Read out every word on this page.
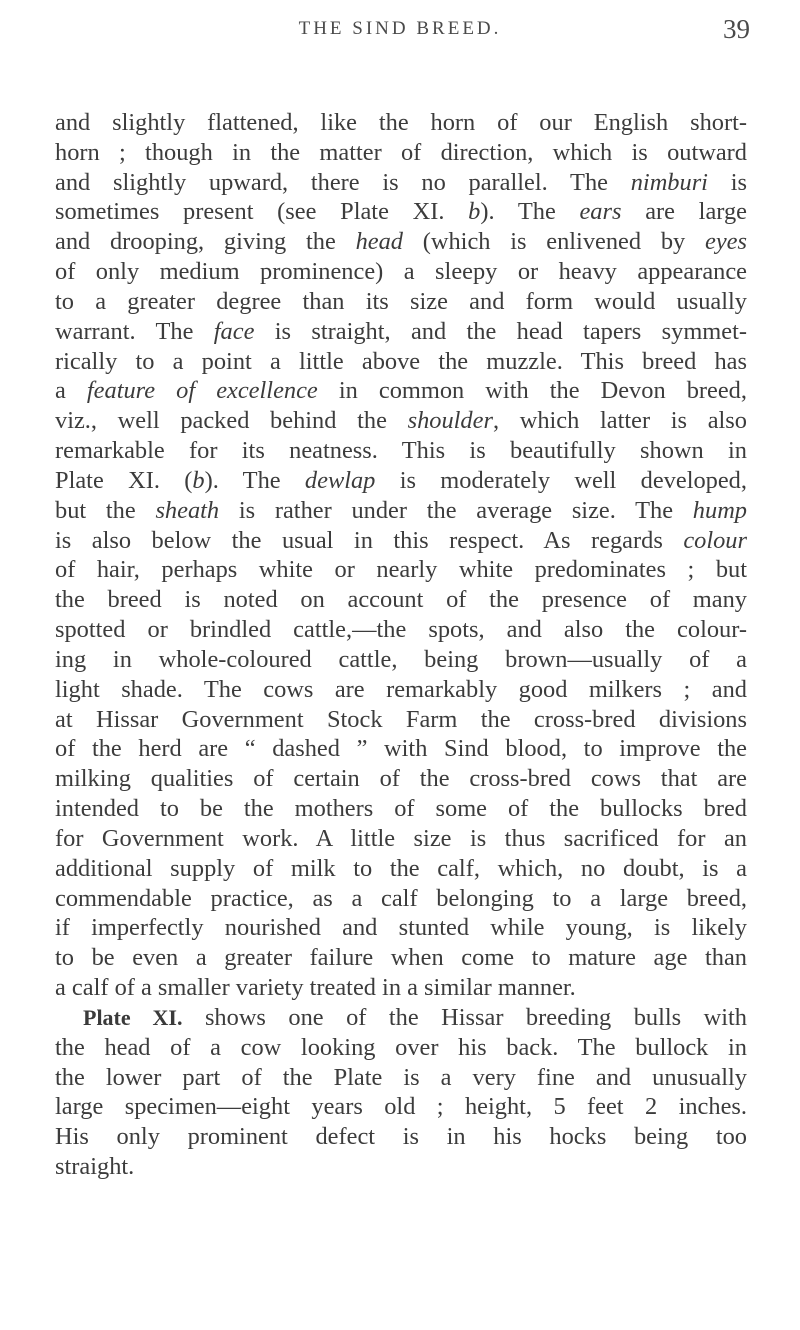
THE SIND BREED.	39
and slightly flattened, like the horn of our English short-
horn ; though in the matter of direction, which is outward
and slightly upward, there is no parallel. The nimburi is
sometimes present (see Plate XI. b). The ears are large
and drooping, giving the head (which is enlivened by eyes
of only medium prominence) a sleepy or heavy appearance
to a greater degree than its size and form would usually
warrant. The face is straight, and the head tapers symmet-
rically to a point a little above the muzzle. This breed has
a feature of excellence in common with the Devon breed,
viz., well packed behind the shoulder, which latter is also
remarkable for its neatness. This is beautifully shown in
Plate XI. (b). The dewlap is moderately well developed,
but the sheath is rather under the average size. The hump
is also below the usual in this respect. As regards colour
of hair, perhaps white or nearly white predominates ; but
the breed is noted on account of the presence of many
spotted or brindled cattle,—the spots, and also the colour-
ing in whole-coloured cattle, being brown—usually of a
light shade. The cows are remarkably good milkers ; and
at Hissar Government Stock Farm the cross-bred divisions
of the herd are “ dashed ” with Sind blood, to improve the
milking qualities of certain of the cross-bred cows that are
intended to be the mothers of some of the bullocks bred
for Government work. A little size is thus sacrificed for an
additional supply of milk to the calf, which, no doubt, is a
commendable practice, as a calf belonging to a large breed,
if imperfectly nourished and stunted while young, is likely
to be even a greater failure when come to mature age than
a calf of a smaller variety treated in a similar manner.
Plate XI. shows one of the Hissar breeding bulls with
the head of a cow looking over his back. The bullock in
the lower part of the Plate is a very fine and unusually
large specimen—eight years old ; height, 5 feet 2 inches.
His only prominent defect is in his hocks being too
straight.
